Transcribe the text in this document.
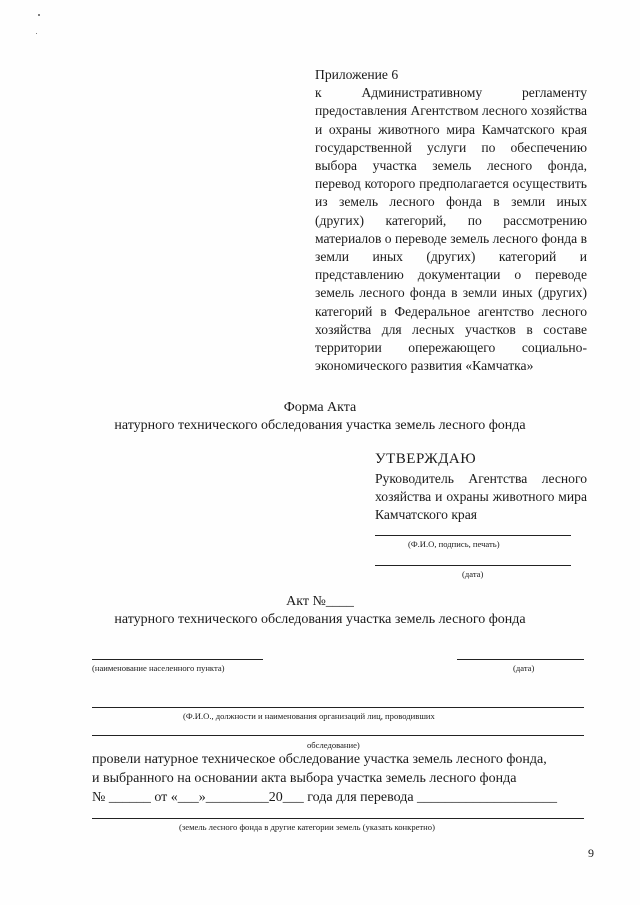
Приложение 6
к Административному регламенту предоставления Агентством лесного хозяйства и охраны животного мира Камчатского края государственной услуги по обеспечению выбора участка земель лесного фонда, перевод которого предполагается осуществить из земель лесного фонда в земли иных (других) категорий, по рассмотрению материалов о переводе земель лесного фонда в земли иных (других) категорий и представлению документации о переводе земель лесного фонда в земли иных (других) категорий в Федеральное агентство лесного хозяйства для лесных участков в составе территории опережающего социально-экономического развития «Камчатка»
Форма Акта
натурного технического обследования участка земель лесного фонда
УТВЕРЖДАЮ
Руководитель Агентства лесного хозяйства и охраны животного мира Камчатского края
(Ф.И.О, подпись, печать)
(дата)
Акт №____
натурного технического обследования участка земель лесного фонда
(наименование населенного пункта)	(дата)
(Ф.И.О., должности и наименования организаций лиц, проводивших
обследование)
провели натурное техническое обследование участка земель лесного фонда,
и выбранного на основании акта выбора участка земель лесного фонда
№ ______ от «___»_________20___ года для перевода ____________________
(земель лесного фонда в другие категории земель (указать конкретно)
9
